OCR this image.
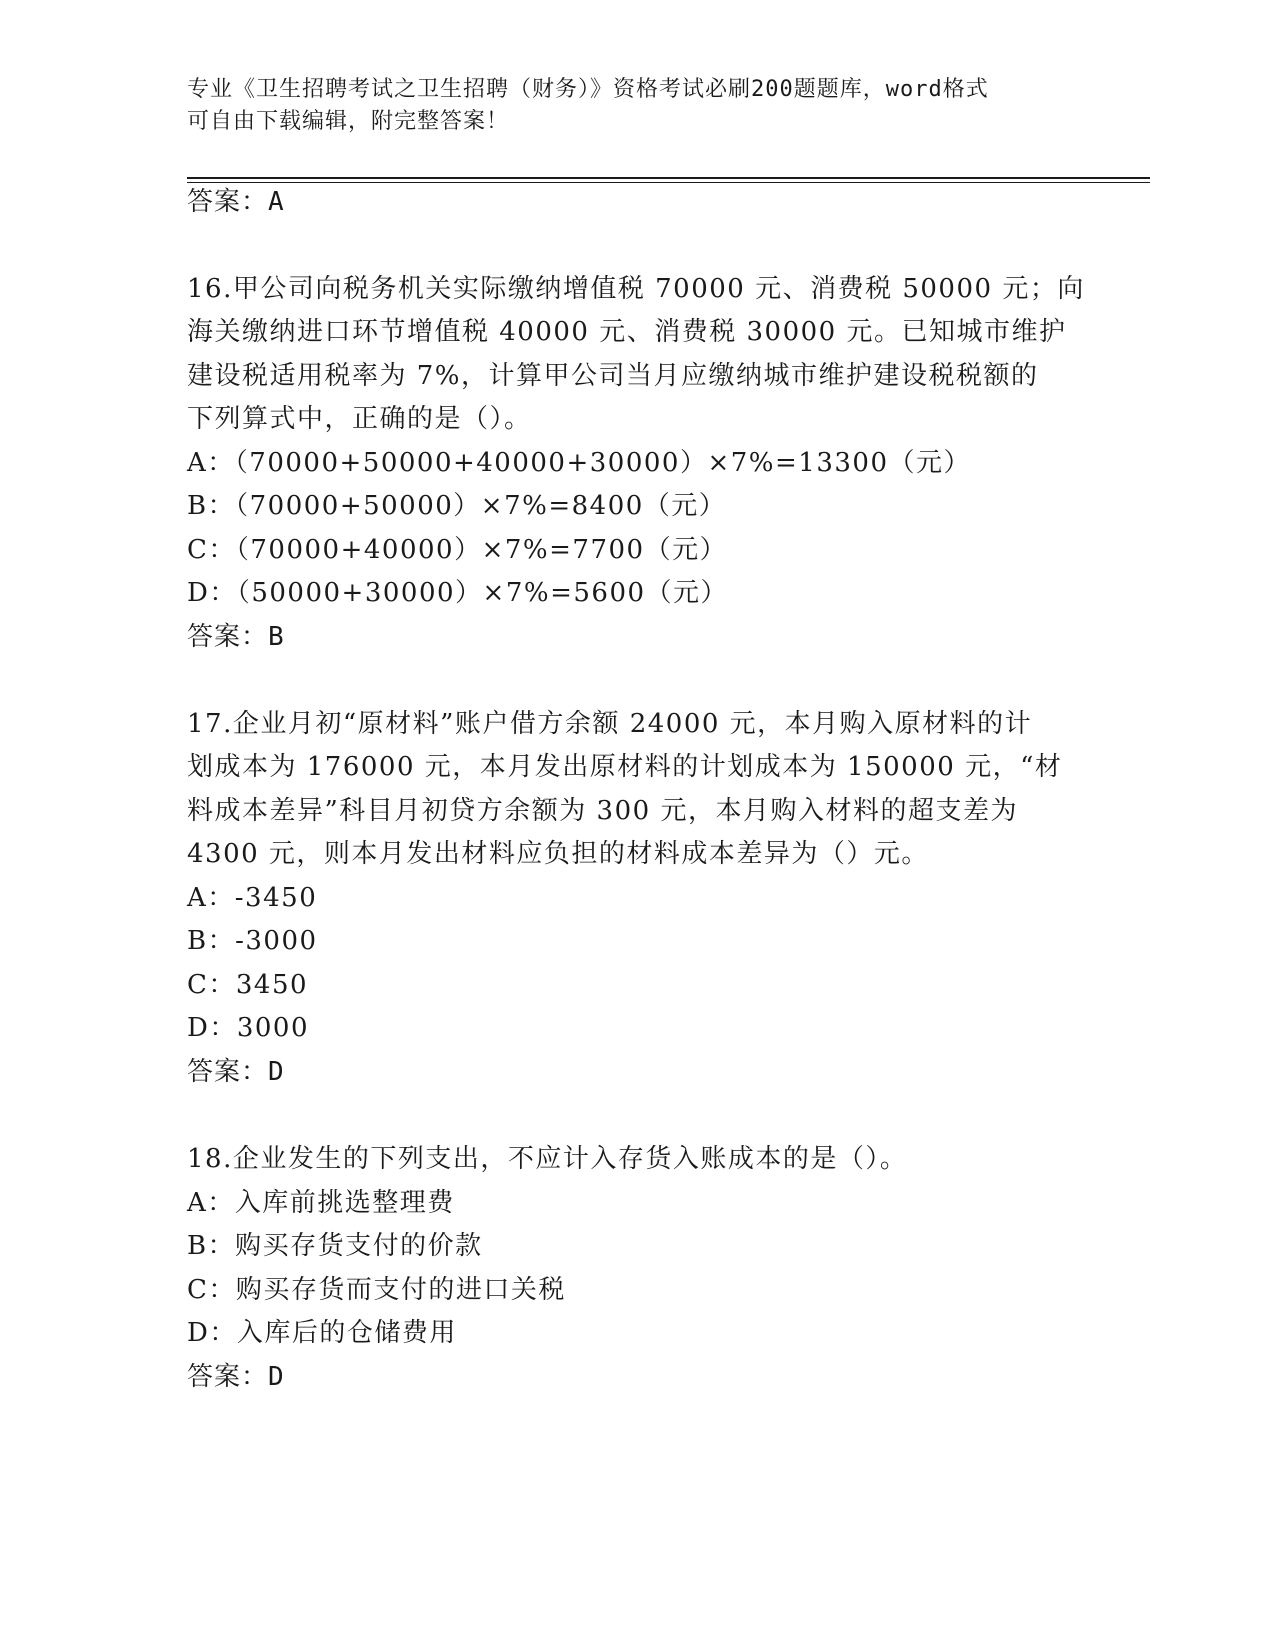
专业《卫生招聘考试之卫生招聘（财务）》资格考试必刷200题题库，word格式
可自由下载编辑，附完整答案！
答案：A
16.甲公司向税务机关实际缴纳增值税 70000 元、消费税 50000 元；向
海关缴纳进口环节增值税 40000 元、消费税 30000 元。已知城市维护
建设税适用税率为 7%，计算甲公司当月应缴纳城市维护建设税税额的
下列算式中，正确的是（）。
A：（70000+50000+40000+30000）×7%=13300（元）
B：（70000+50000）×7%=8400（元）
C：（70000+40000）×7%=7700（元）
D：（50000+30000）×7%=5600（元）
答案：B
17.企业月初“原材料”账户借方余额 24000 元，本月购入原材料的计
划成本为 176000 元，本月发出原材料的计划成本为 150000 元，“材
料成本差异”科目月初贷方余额为 300 元，本月购入材料的超支差为
4300 元，则本月发出材料应负担的材料成本差异为（）元。
A：-3450
B：-3000
C：3450
D：3000
答案：D
18.企业发生的下列支出，不应计入存货入账成本的是（）。
A：入库前挑选整理费
B：购买存货支付的价款
C：购买存货而支付的进口关税
D：入库后的仓储费用
答案：D
